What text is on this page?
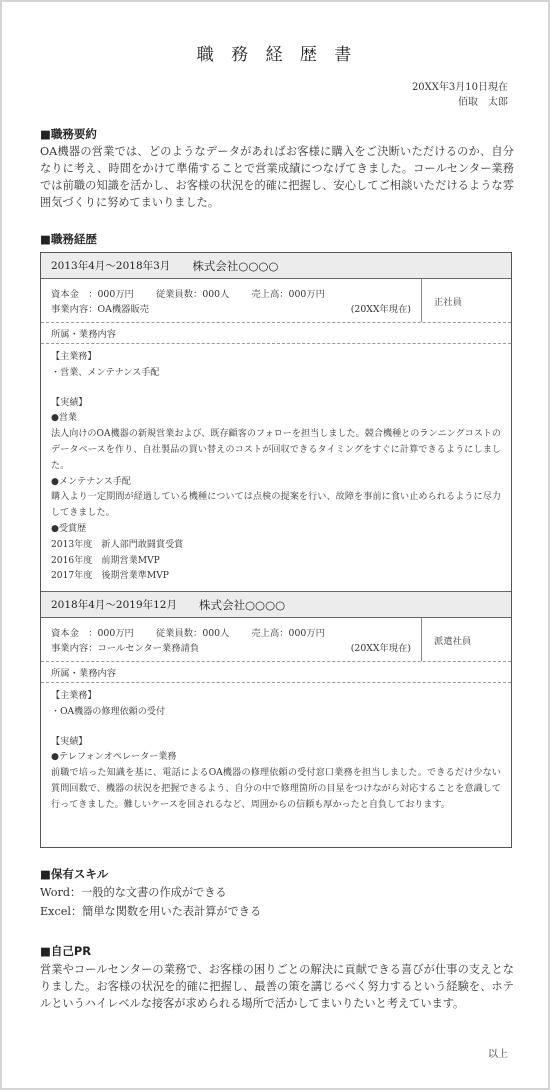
職 務 経 歴 書
20XX年3月10日現在
佰取　太郎
■職務要約

OA機器の営業では、どのようなデータがあればお客様に購入をご決断いただけるのか、自分なりに考え、時間をかけて準備することで営業成績につなげてきました。コールセンター業務では前職の知識を活かし、お客様の状況を的確に把握し、安心してご相談いただけるような雰囲気づくりに努めてまいりました。

■職務経歴
2013年4月～2018年3月 株式会社○○○○
資本金　：000万円 従業員数：000人 売上高：000万円
事業内容：OA機器販売	(20XX年現在)
正社員
所属・業務内容

【主業務】

・営業、メンテナンス手配

【実績】

●営業

法人向けのOA機器の新規営業および、既存顧客のフォローを担当しました。競合機種とのランニングコストのデータベースを作り、自社製品の買い替えのコストが回収できるタイミングをすぐに計算できるようにしました。

●メンテナンス手配

購入より一定期間が経過している機種については点検の提案を行い、故障を事前に食い止められるように尽力してきました。

●受賞歴

2013年度　新人部門敢闘賞受賞

2016年度　前期営業MVP

2017年度　後期営業準MVP

2018年4月～2019年12月 株式会社○○○○
資本金　：000万円 従業員数：000人 売上高：000万円
事業内容：コールセンター業務請負	(20XX年現在)
派遣社員
所属・業務内容

【主業務】

・OA機器の修理依頼の受付

【実績】

●テレフォンオペレーター業務

前職で培った知識を基に、電話によるOA機器の修理依頼の受付窓口業務を担当しました。できるだけ少ない質問回数で、機器の状況を把握できるよう、自分の中で修理箇所の目星をつけながら対応することを意識して行ってきました。難しいケースを回されるなど、周囲からの信頼も厚かったと自負しております。

■保有スキル

Word：一般的な文書の作成ができる

Excel：簡単な関数を用いた表計算ができる

■自己PR

営業やコールセンターの業務で、お客様の困りごとの解決に貢献できる喜びが仕事の支えとなりました。お客様の状況を的確に把握し、最善の策を講じるべく努力するという経験を、ホテルというハイレベルな接客が求められる場所で活かしてまいりたいと考えています。

以上
